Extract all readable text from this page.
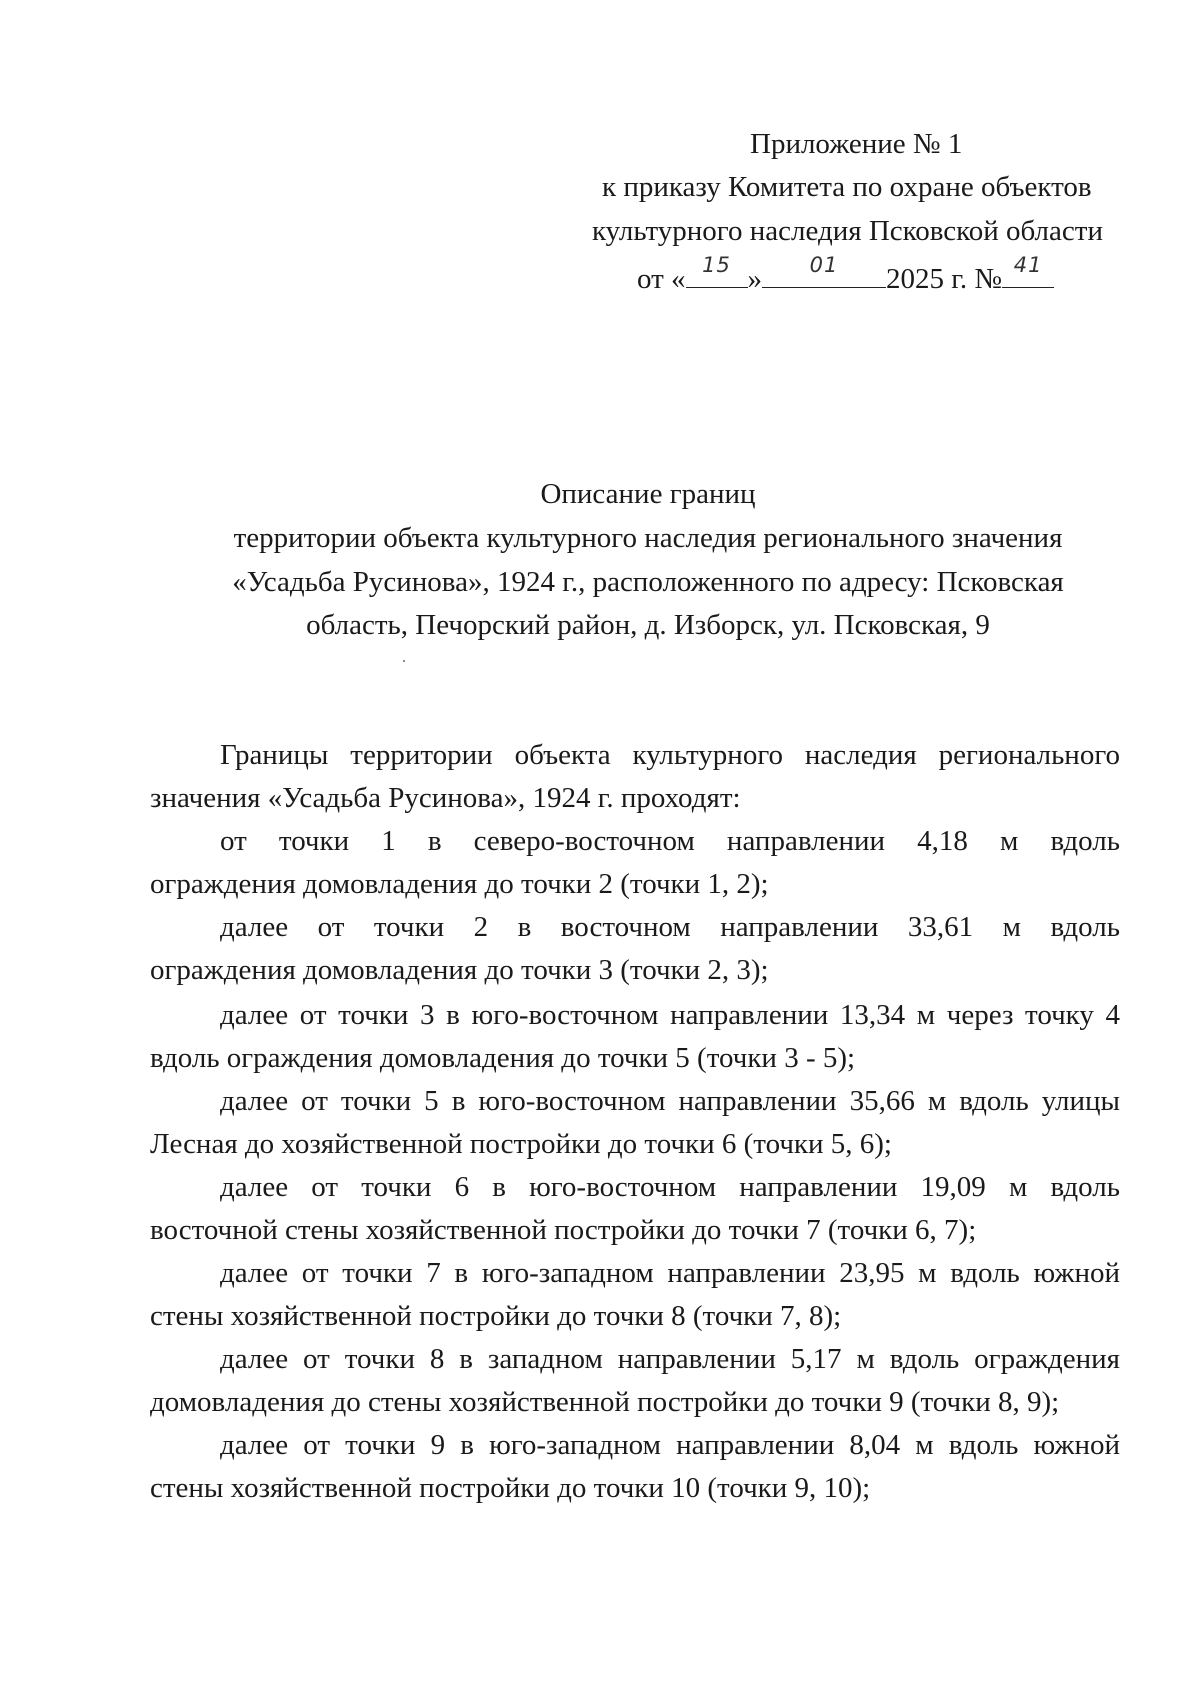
Приложение № 1
к приказу Комитета по охране объектов
культурного наследия Псковской области
от « 15 »	01	2025 г. № 41
Описание границ
территории объекта культурного наследия регионального значения
«Усадьба Русинова», 1924 г., расположенного по адресу: Псковская
область, Печорский район, д. Изборск, ул. Псковская, 9
Границы территории объекта культурного наследия регионального
значения «Усадьба Русинова», 1924 г. проходят:
от точки 1 в северо-восточном направлении 4,18 м вдоль
ограждения домовладения до точки 2 (точки 1, 2);
далее от точки 2 в восточном направлении 33,61 м вдоль
ограждения домовладения до точки 3 (точки 2, 3);
далее от точки 3 в юго-восточном направлении 13,34 м через точку 4
вдоль ограждения домовладения до точки 5 (точки 3 - 5);
далее от точки 5 в юго-восточном направлении 35,66 м вдоль улицы
Лесная до хозяйственной постройки до точки 6 (точки 5, 6);
далее от точки 6 в юго-восточном направлении 19,09 м вдоль
восточной стены хозяйственной постройки до точки 7 (точки 6, 7);
далее от точки 7 в юго-западном направлении 23,95 м вдоль южной
стены хозяйственной постройки до точки 8 (точки 7, 8);
далее от точки 8 в западном направлении 5,17 м вдоль ограждения
домовладения до стены хозяйственной постройки до точки 9 (точки 8, 9);
далее от точки 9 в юго-западном направлении 8,04 м вдоль южной
стены хозяйственной постройки до точки 10 (точки 9, 10);
